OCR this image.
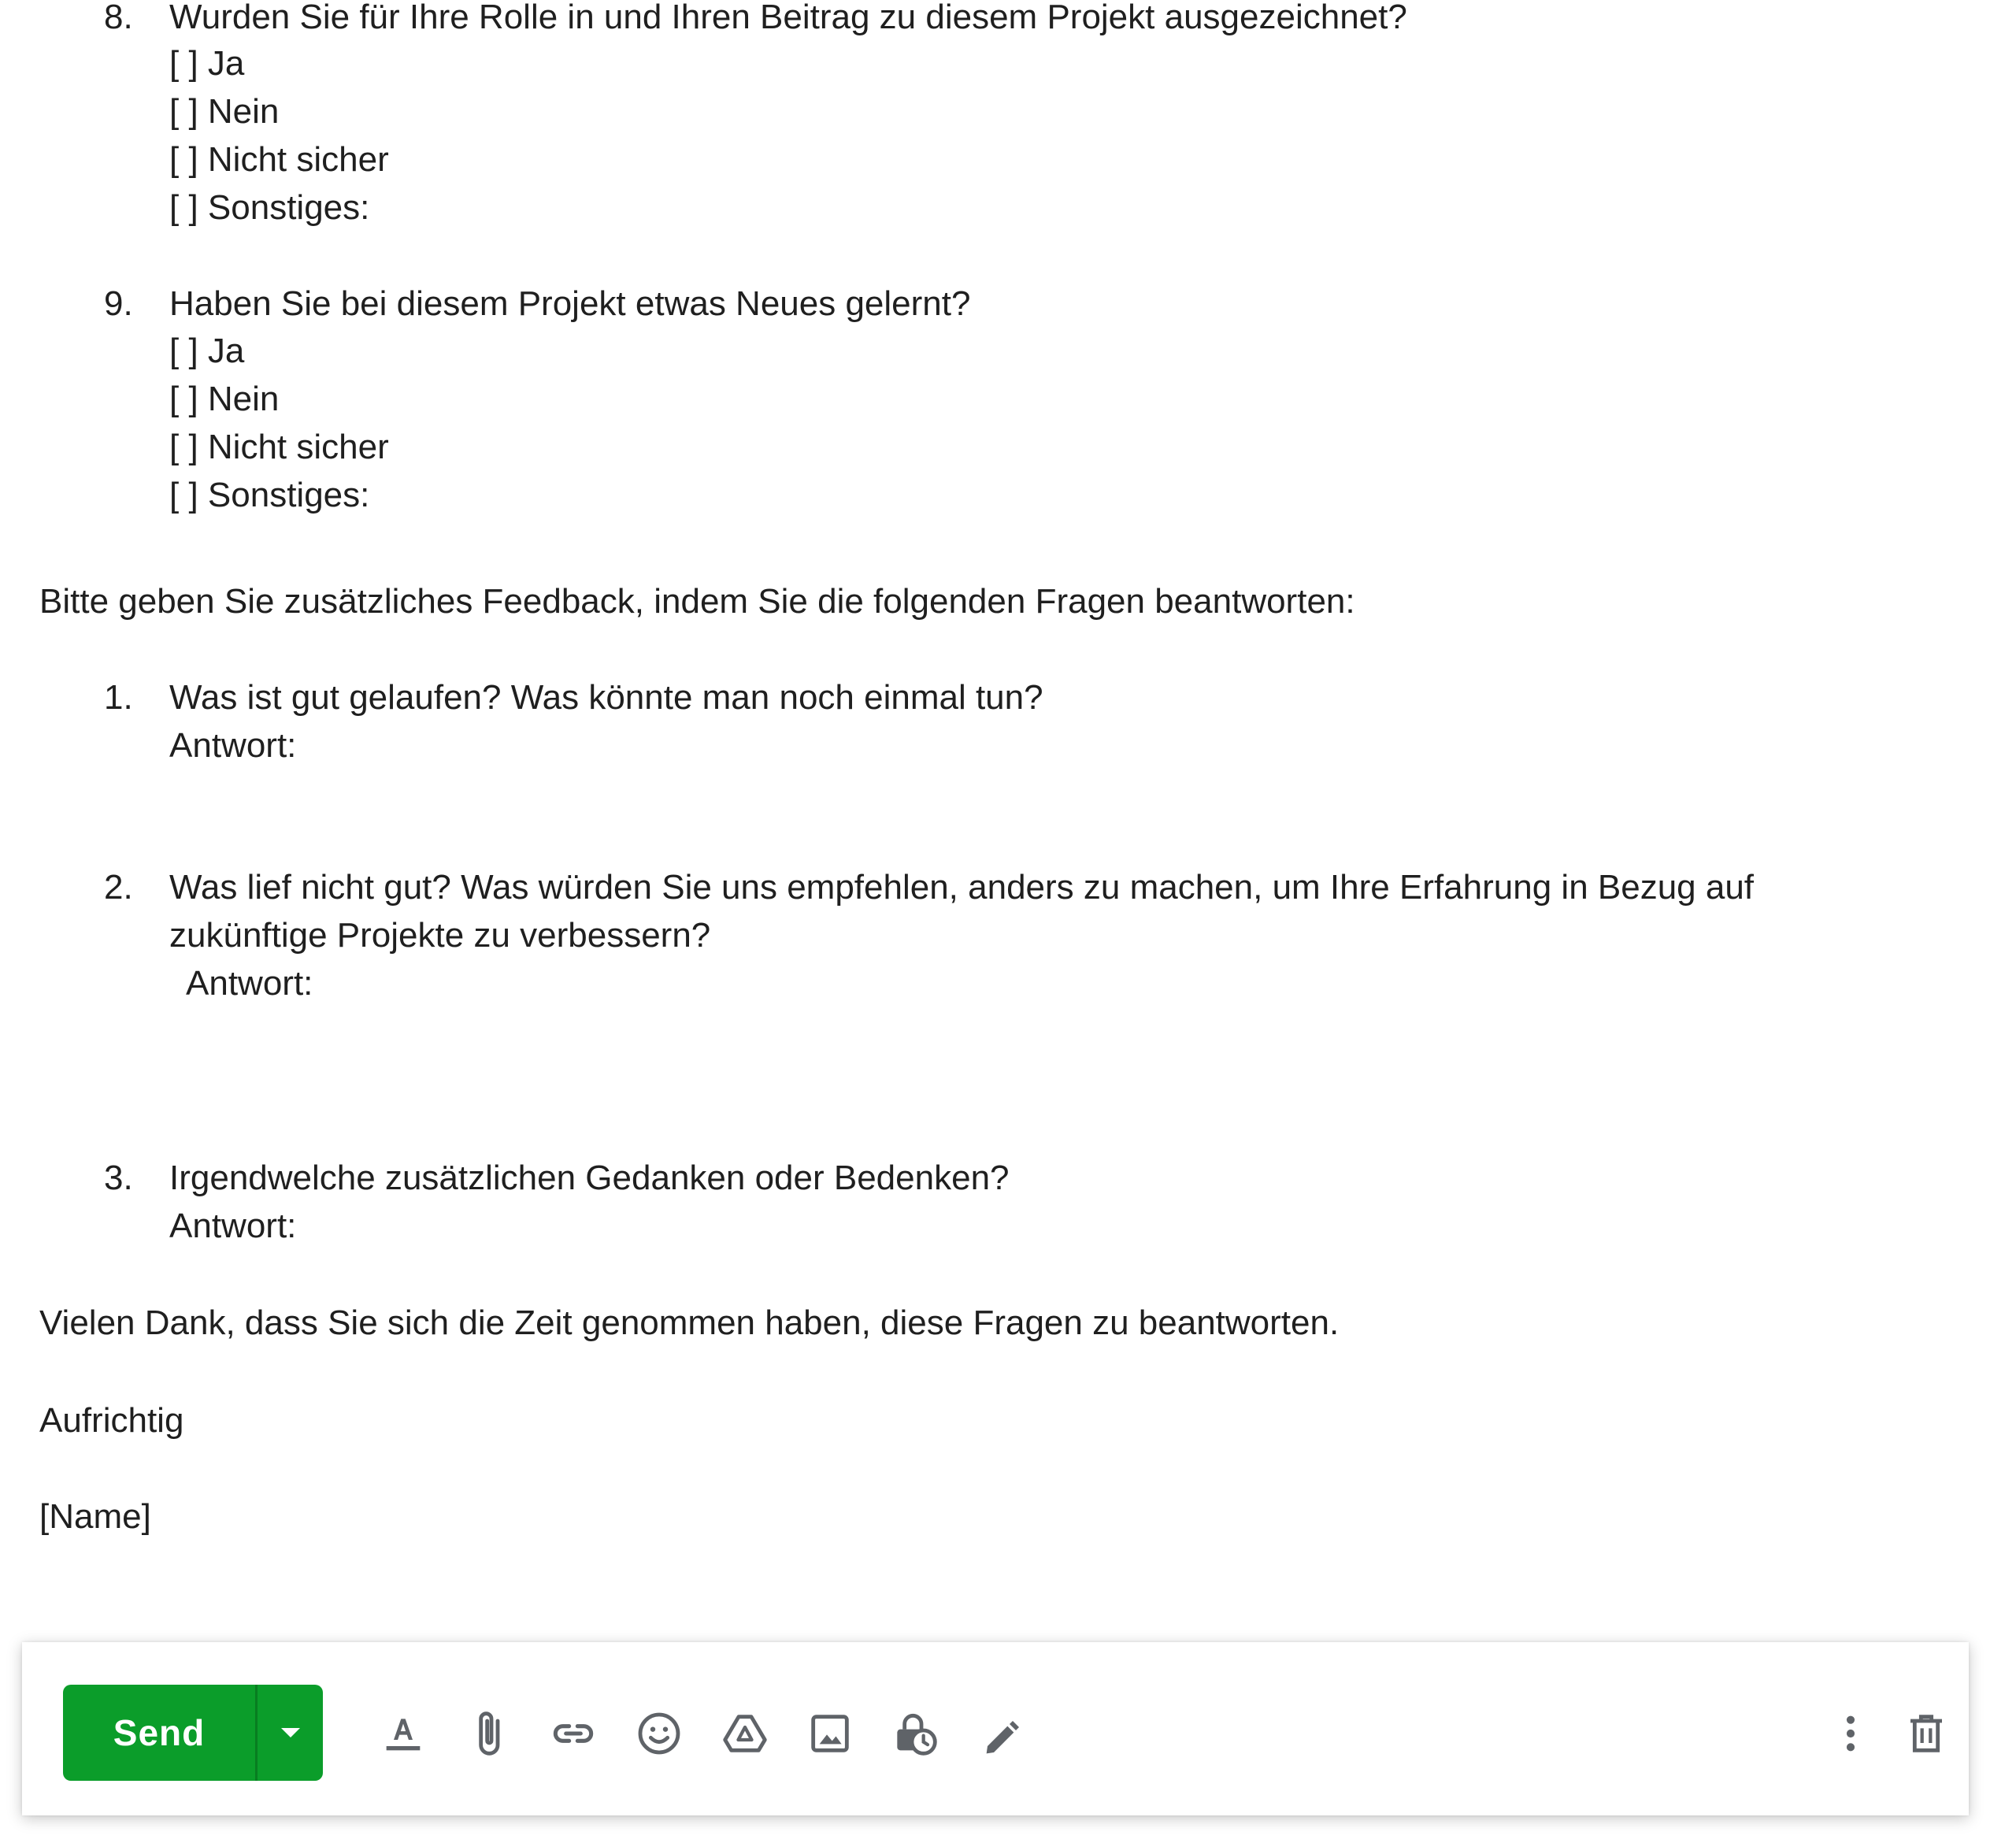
8. Wurden Sie für Ihre Rolle in und Ihren Beitrag zu diesem Projekt ausgezeichnet?
[ ] Ja
[ ] Nein
[ ] Nicht sicher
[ ] Sonstiges:
9. Haben Sie bei diesem Projekt etwas Neues gelernt?
[ ] Ja
[ ] Nein
[ ] Nicht sicher
[ ] Sonstiges:
Bitte geben Sie zusätzliches Feedback, indem Sie die folgenden Fragen beantworten:
1. Was ist gut gelaufen? Was könnte man noch einmal tun?
Antwort:
2. Was lief nicht gut? Was würden Sie uns empfehlen, anders zu machen, um Ihre Erfahrung in Bezug auf
zukünftige Projekte zu verbessern?
Antwort:
3. Irgendwelche zusätzlichen Gedanken oder Bedenken?
Antwort:
Vielen Dank, dass Sie sich die Zeit genommen haben, diese Fragen zu beantworten.
Aufrichtig
[Name]
Send
